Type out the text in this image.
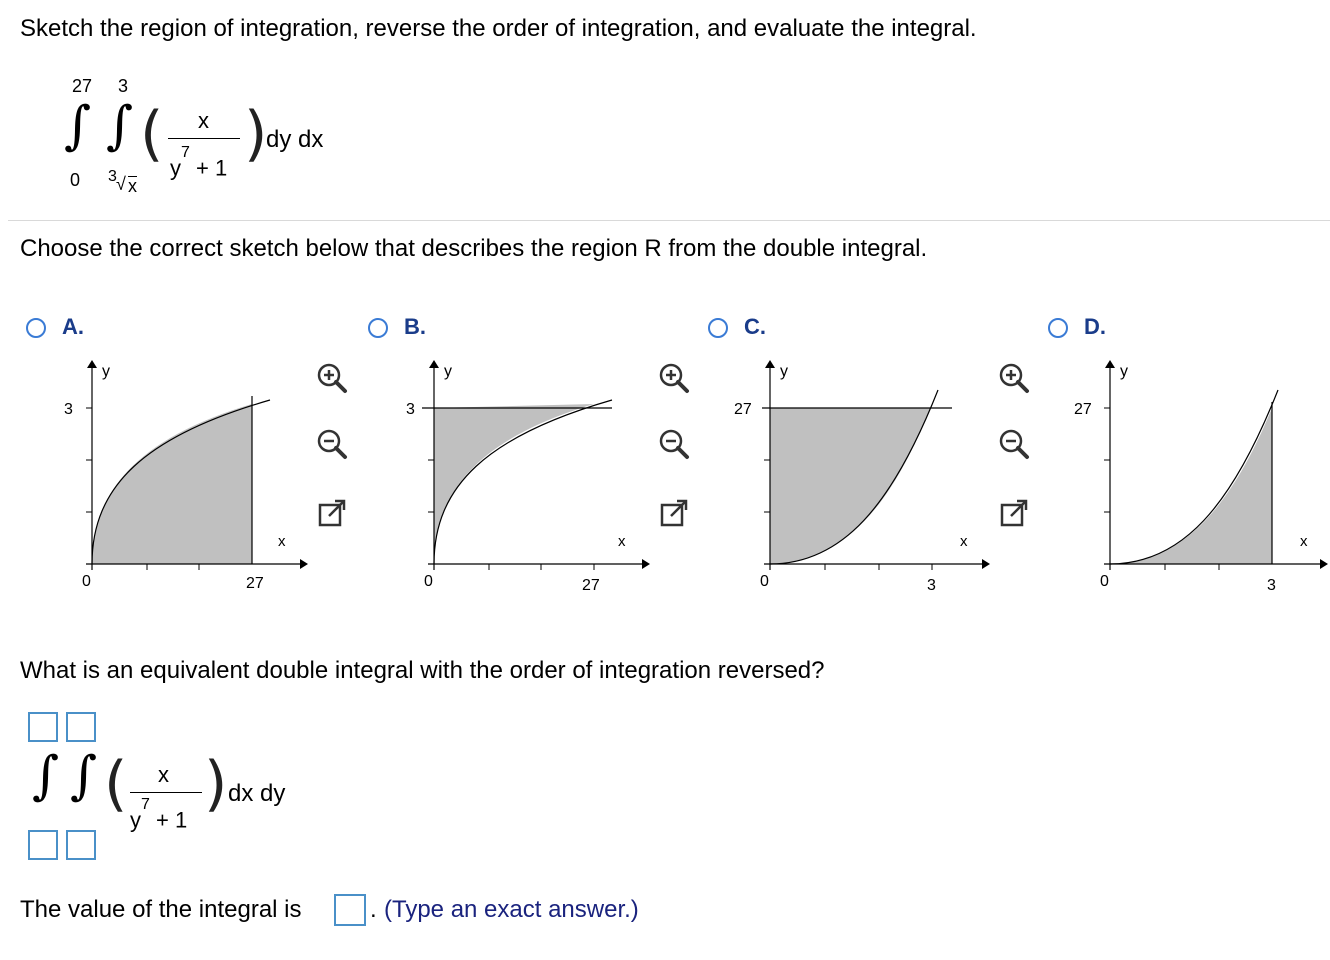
Sketch the region of integration, reverse the order of integration, and evaluate the integral.
27 3
∫ ∫
0 3 √ x
( x
$y^7 + 1$ )
dy dx
Choose the correct sketch below that describes the region R from the double integral.
A.
3
27
0
x
y
B.
3
27
0
x
y
C.
27
3
0
x
y
D.
27
3
0
x
y
What is an equivalent double integral with the order of integration reversed?
∫ ∫ ( x
$y^7 + 1$
) dx dy
The value of the integral is	. (Type an exact answer.)
